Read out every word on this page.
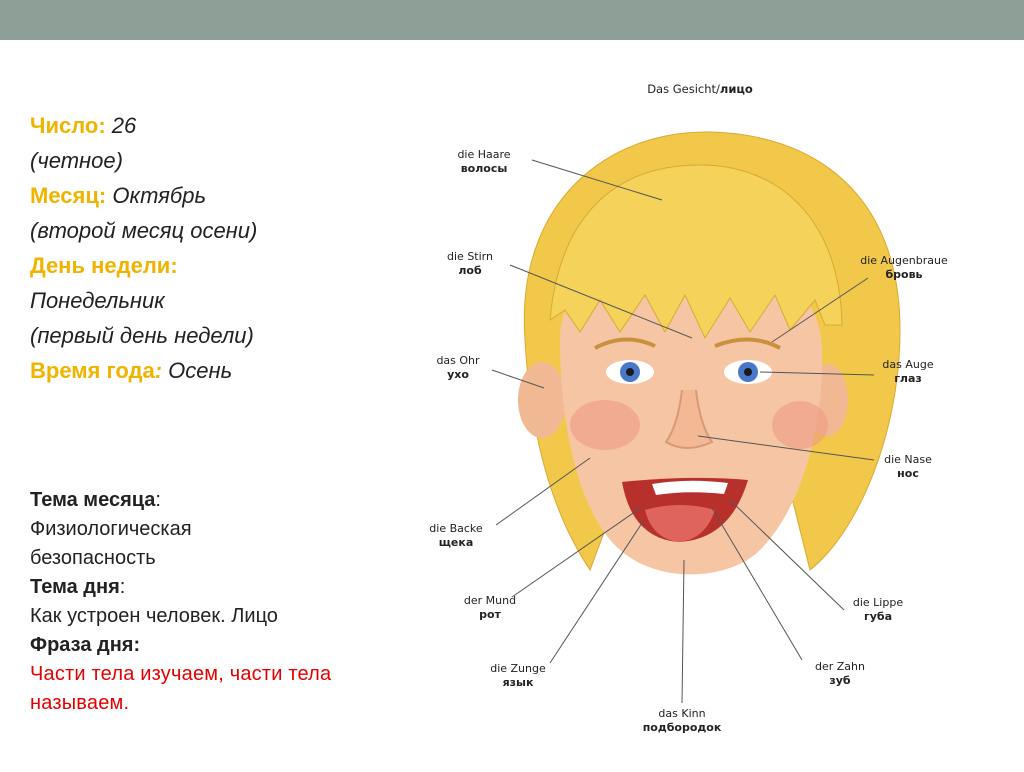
Число: 26
(четное)
Месяц: Октябрь
(второй месяц осени)
День недели:
Понедельник
(первый день недели)
Время года: Осень
Тема месяца:
Физиологическая безопасность
Тема дня:
Как устроен человек. Лицо
Фраза дня:
Части тела изучаем, части тела называем.
Das Gesicht/лицо
die Haare
волосы
die Stirn
лоб
das Ohr
ухо
die Backe
щека
der Mund
рот
die Zunge
язык
das Kinn
подбородок
der Zahn
зуб
die Lippe
губа
die Nase
нос
das Auge
глаз
die Augenbraue
бровь
